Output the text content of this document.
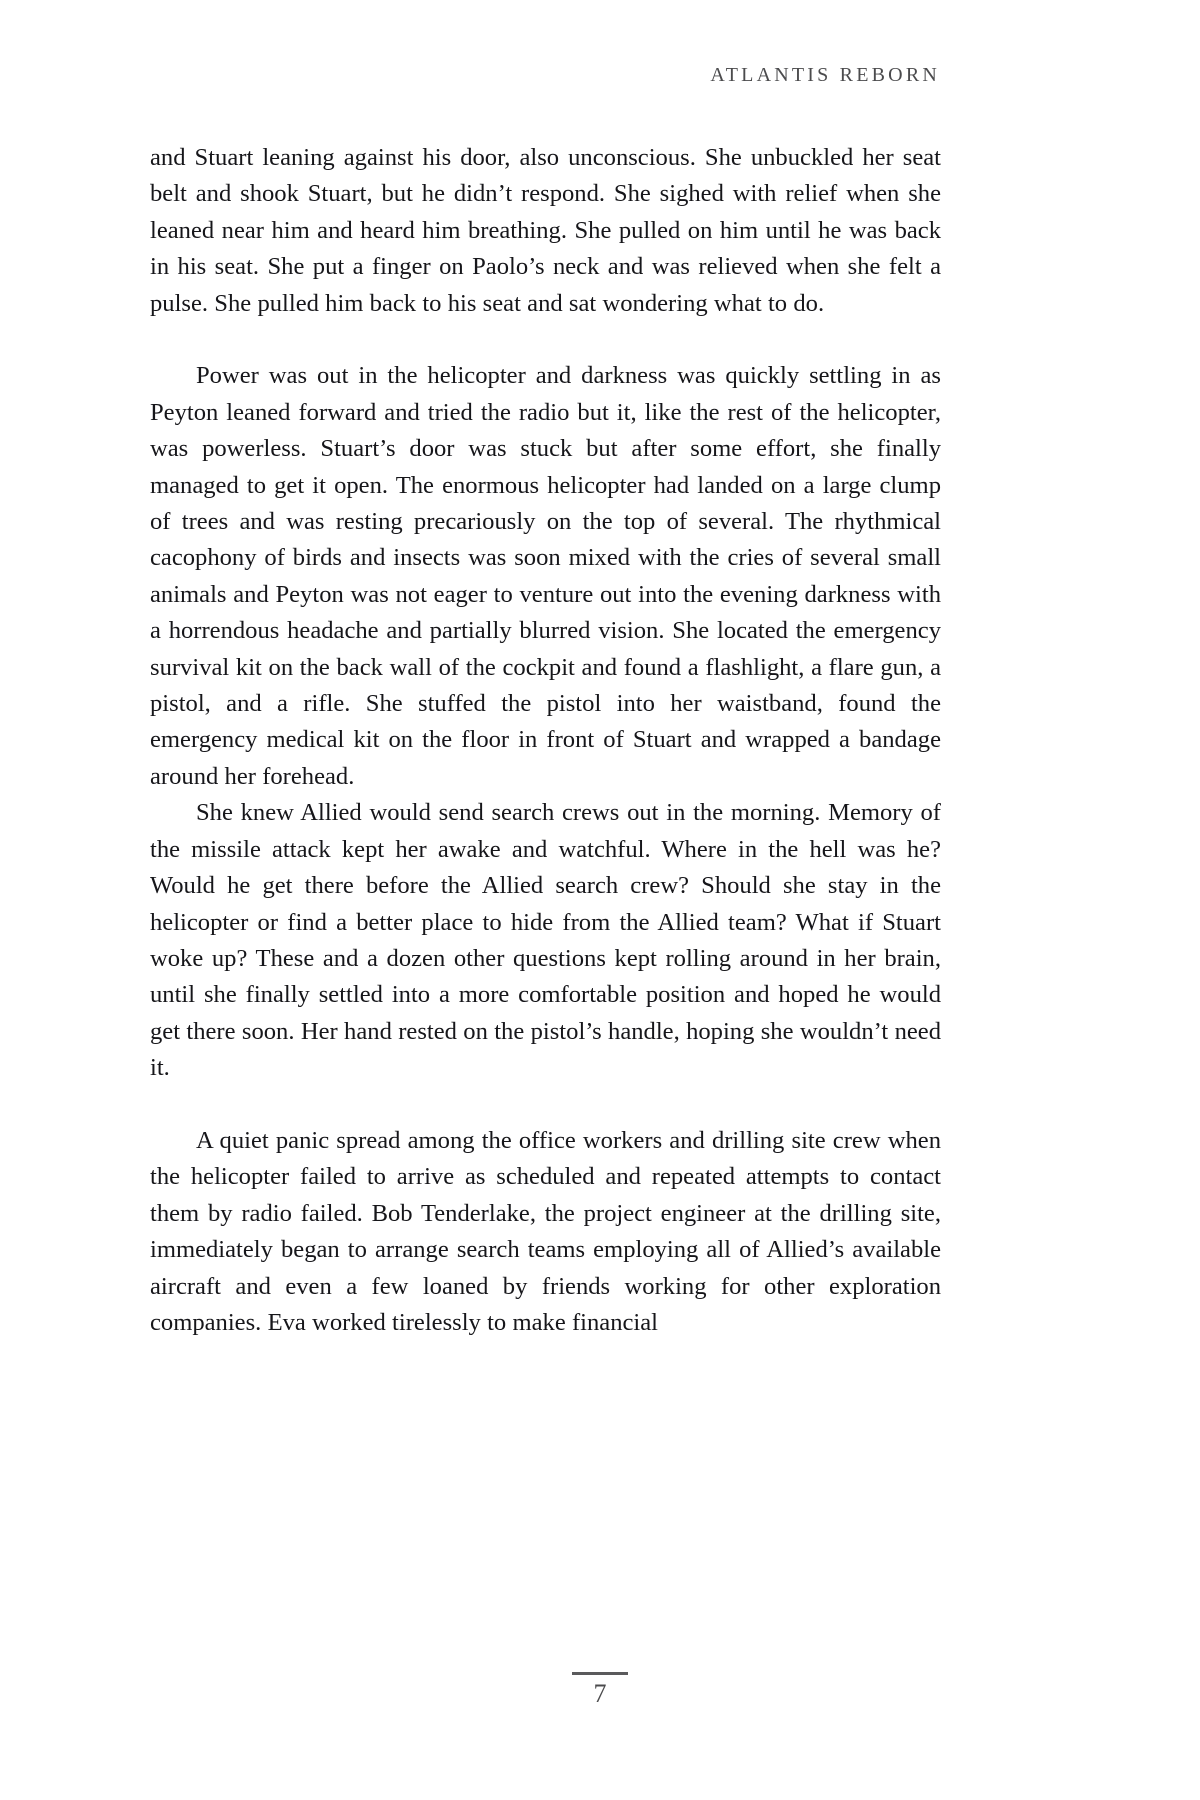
ATLANTIS REBORN

and Stuart leaning against his door, also unconscious. She unbuckled her seat belt and shook Stuart, but he didn’t respond. She sighed with relief when she leaned near him and heard him breathing. She pulled on him until he was back in his seat. She put a finger on Paolo’s neck and was relieved when she felt a pulse. She pulled him back to his seat and sat wondering what to do.

Power was out in the helicopter and darkness was quickly settling in as Peyton leaned forward and tried the radio but it, like the rest of the helicopter, was powerless. Stuart’s door was stuck but after some effort, she finally managed to get it open. The enormous helicopter had landed on a large clump of trees and was resting precariously on the top of several. The rhythmical cacophony of birds and insects was soon mixed with the cries of several small animals and Peyton was not eager to venture out into the evening darkness with a horrendous headache and partially blurred vision. She located the emergency survival kit on the back wall of the cockpit and found a flashlight, a flare gun, a pistol, and a rifle. She stuffed the pistol into her waistband, found the emergency medical kit on the floor in front of Stuart and wrapped a bandage around her forehead.

She knew Allied would send search crews out in the morning. Memory of the missile attack kept her awake and watchful. Where in the hell was he? Would he get there before the Allied search crew? Should she stay in the helicopter or find a better place to hide from the Allied team? What if Stuart woke up? These and a dozen other questions kept rolling around in her brain, until she finally settled into a more comfortable position and hoped he would get there soon. Her hand rested on the pistol’s handle, hoping she wouldn’t need it.

A quiet panic spread among the office workers and drilling site crew when the helicopter failed to arrive as scheduled and repeated attempts to contact them by radio failed. Bob Tenderlake, the project engineer at the drilling site, immediately began to arrange search teams employing all of Allied’s available aircraft and even a few loaned by friends working for other exploration companies. Eva worked tirelessly to make financial

7
